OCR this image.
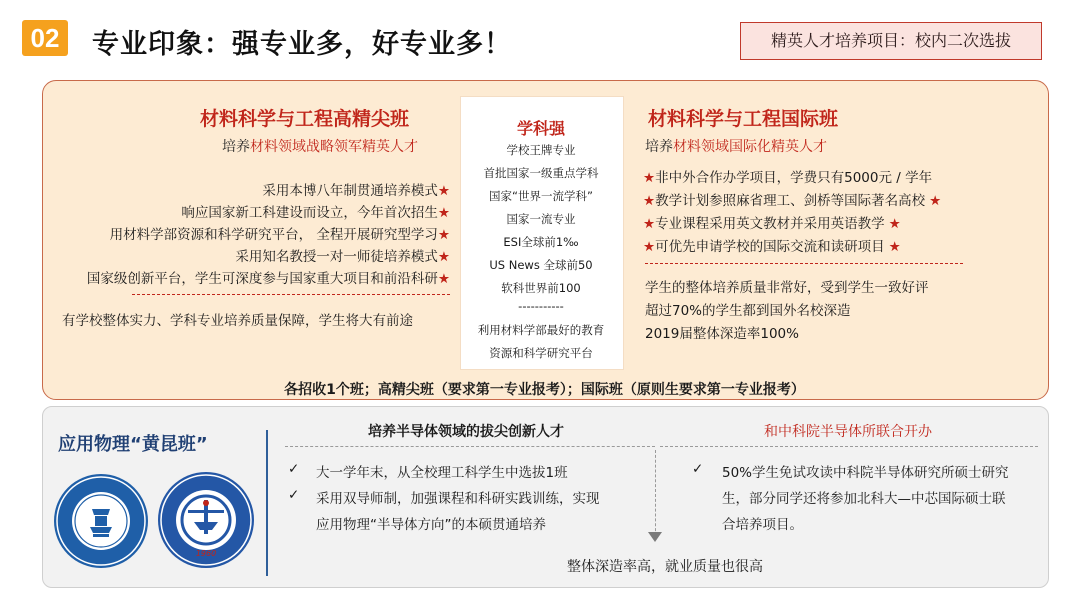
02	专业印象：强专业多，好专业多！	精英人才培养项目：校内二次选拔
材料科学与工程高精尖班
培养材料领域战略领军精英人才
采用本博八年制贯通培养模式★
响应国家新工科建设而设立，今年首次招生★
用材料学部资源和科学研究平台， 全程开展研究型学习★
采用知名教授一对一师徒培养模式★
国家级创新平台，学生可深度参与国家重大项目和前沿科研★
有学校整体实力、学科专业培养质量保障，学生将大有前途
学科强
学校王牌专业
首批国家一级重点学科
国家“世界一流学科”
国家一流专业
ESI全球前1‰
US News 全球前50
软科世界前100
-----------
利用材料学部最好的教育
资源和科学研究平台
材料科学与工程国际班
培养材料领域国际化精英人才
★非中外合作办学项目，学费只有5000元 / 学年
★教学计划参照麻省理工、剑桥等国际著名高校 ★
★专业课程采用英文教材并采用英语教学 ★
★可优先申请学校的国际交流和读研项目 ★
学生的整体培养质量非常好，受到学生一致好评
超过70%的学生都到国外名校深造
2019届整体深造率100%
各招收1个班；高精尖班（要求第一专业报考）；国际班（原则生要求第一专业报考）
应用物理“黄昆班”
1960
培养半导体领域的拔尖创新人才	和中科院半导体所联合开办
✓ 大一学年末，从全校理工科学生中选拔1班
✓ 采用双导师制，加强课程和科研实践训练，实现
应用物理“半导体方向”的本硕贯通培养
✓ 50%学生免试攻读中科院半导体研究所硕士研究
生，部分同学还将参加北科大—中芯国际硕士联
合培养项目。
整体深造率高，就业质量也很高
